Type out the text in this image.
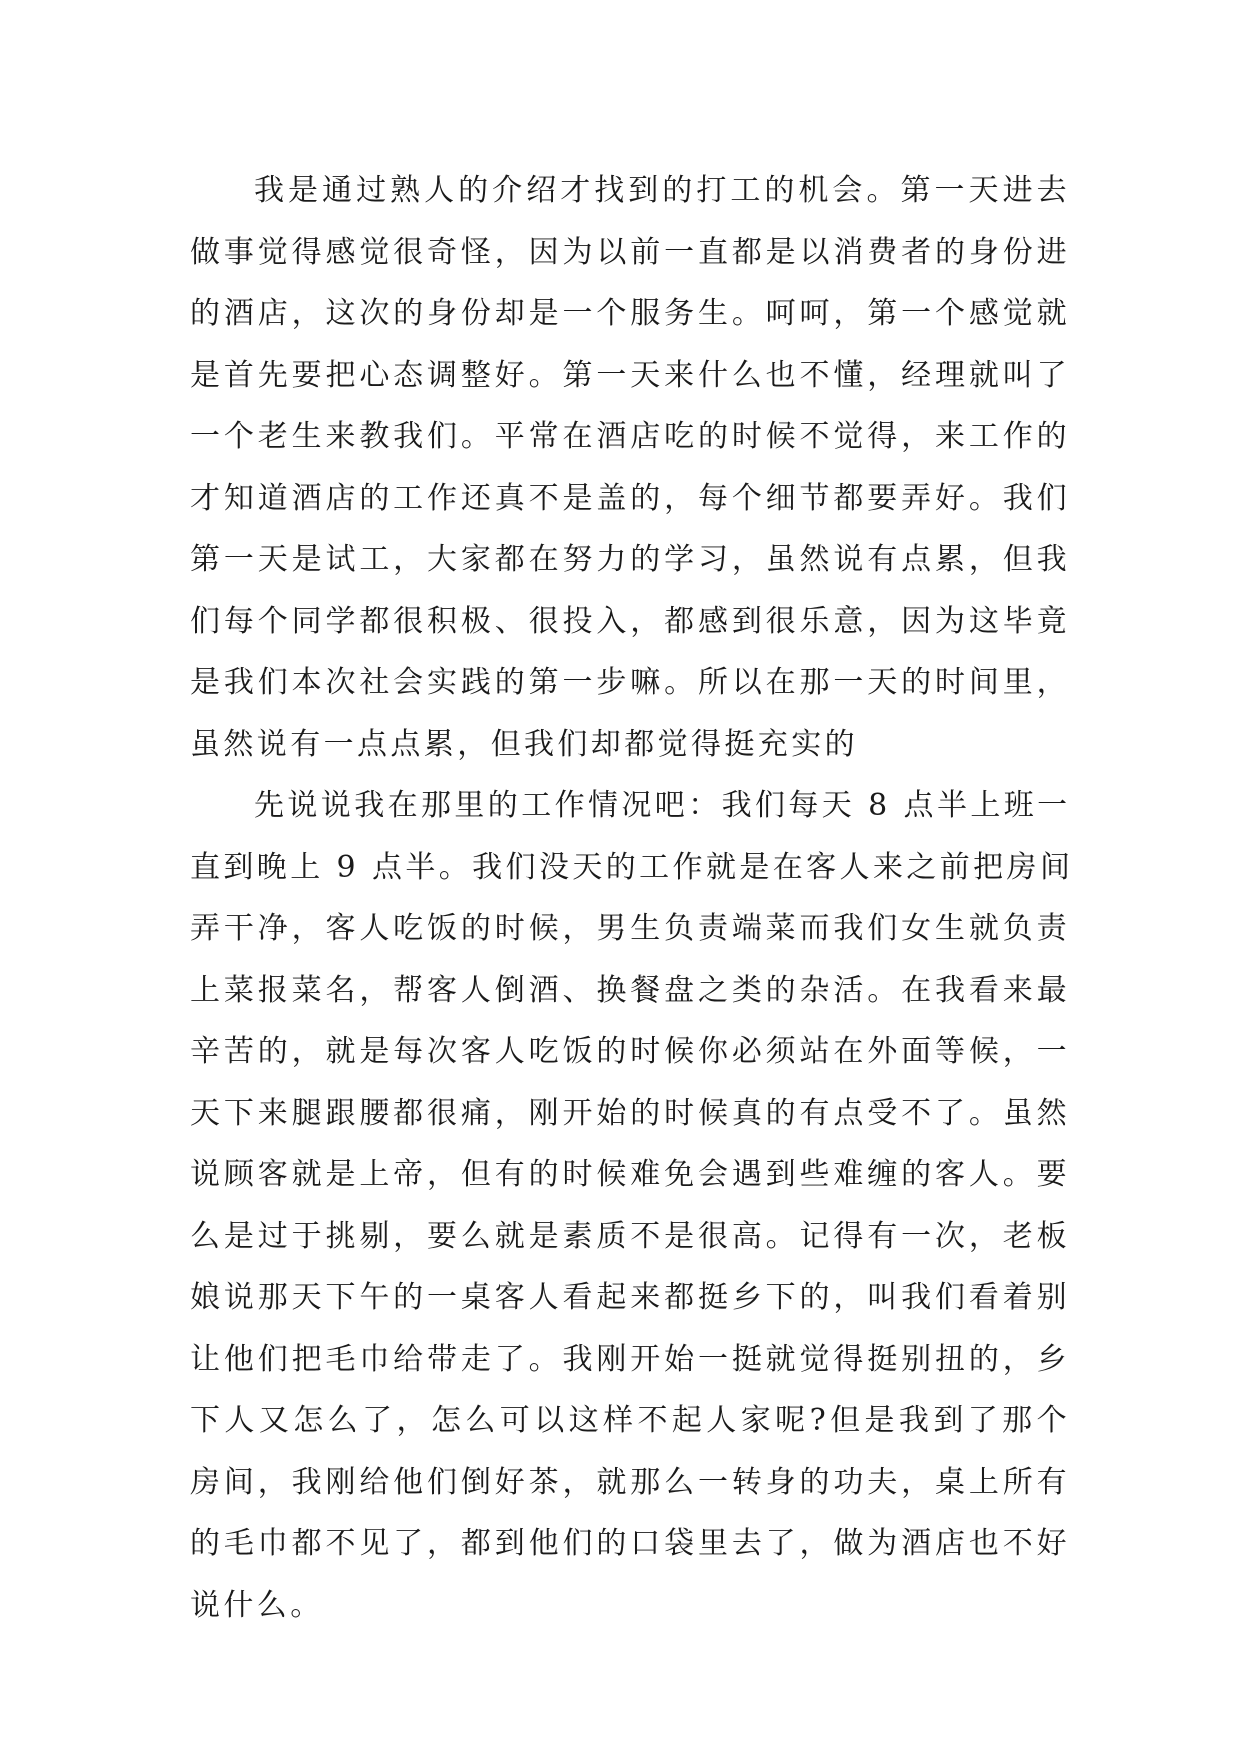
我是通过熟人的介绍才找到的打工的机会。第一天进去
做事觉得感觉很奇怪，因为以前一直都是以消费者的身份进
的酒店，这次的身份却是一个服务生。呵呵，第一个感觉就
是首先要把心态调整好。第一天来什么也不懂，经理就叫了
一个老生来教我们。平常在酒店吃的时候不觉得，来工作的
才知道酒店的工作还真不是盖的，每个细节都要弄好。我们
第一天是试工，大家都在努力的学习，虽然说有点累，但我
们每个同学都很积极、很投入，都感到很乐意，因为这毕竟
是我们本次社会实践的第一步嘛。所以在那一天的时间里，
虽然说有一点点累，但我们却都觉得挺充实的
先说说我在那里的工作情况吧：我们每天 8 点半上班一
直到晚上 9 点半。我们没天的工作就是在客人来之前把房间
弄干净，客人吃饭的时候，男生负责端菜而我们女生就负责
上菜报菜名，帮客人倒酒、换餐盘之类的杂活。在我看来最
辛苦的，就是每次客人吃饭的时候你必须站在外面等候，一
天下来腿跟腰都很痛，刚开始的时候真的有点受不了。虽然
说顾客就是上帝，但有的时候难免会遇到些难缠的客人。要
么是过于挑剔，要么就是素质不是很高。记得有一次，老板
娘说那天下午的一桌客人看起来都挺乡下的，叫我们看着别
让他们把毛巾给带走了。我刚开始一挺就觉得挺别扭的，乡
下人又怎么了，怎么可以这样不起人家呢?但是我到了那个
房间，我刚给他们倒好茶，就那么一转身的功夫，桌上所有
的毛巾都不见了，都到他们的口袋里去了，做为酒店也不好
说什么。
